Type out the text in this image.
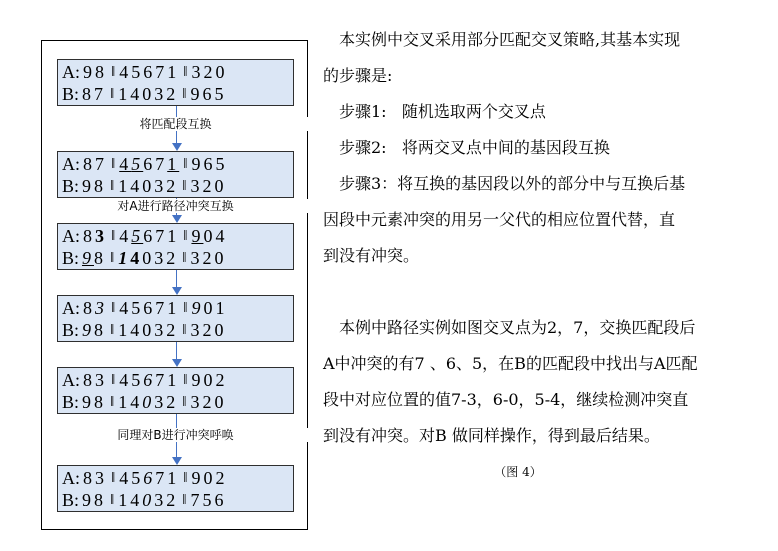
A: 98 ‖ 45671 ‖ 320
B: 87 ‖ 14032 ‖ 965
A: 87 ‖ 45671 ‖ 965
B: 98 ‖ 14032 ‖ 320
A: 83 ‖ 45671 ‖ 904
B: 98 ‖ 14032 ‖ 320
A: 83 ‖ 45671 ‖ 901
B: 98 ‖ 14032 ‖ 320
A: 83 ‖ 45671 ‖ 902
B: 98 ‖ 14032 ‖ 320
A: 83 ‖ 45671 ‖ 902
B: 98 ‖ 14032 ‖ 756
将匹配段互换
对A进行路径冲突互换
同理对B进行冲突呼唤

本实例中交叉采用部分匹配交叉策略,其基本实现

的步骤是:

步骤1: 随机选取两个交叉点

步骤2: 将两交叉点中间的基因段互换

步骤3：将互换的基因段以外的部分中与互换后基

因段中元素冲突的用另一父代的相应位置代替，直

到没有冲突。

本例中路径实例如图交叉点为2，7，交换匹配段后

A中冲突的有7 、6、5，在B的匹配段中找出与A匹配

段中对应位置的值7-3，6-0，5-4，继续检测冲突直

到没有冲突。对B 做同样操作，得到最后结果。

（图 4）
